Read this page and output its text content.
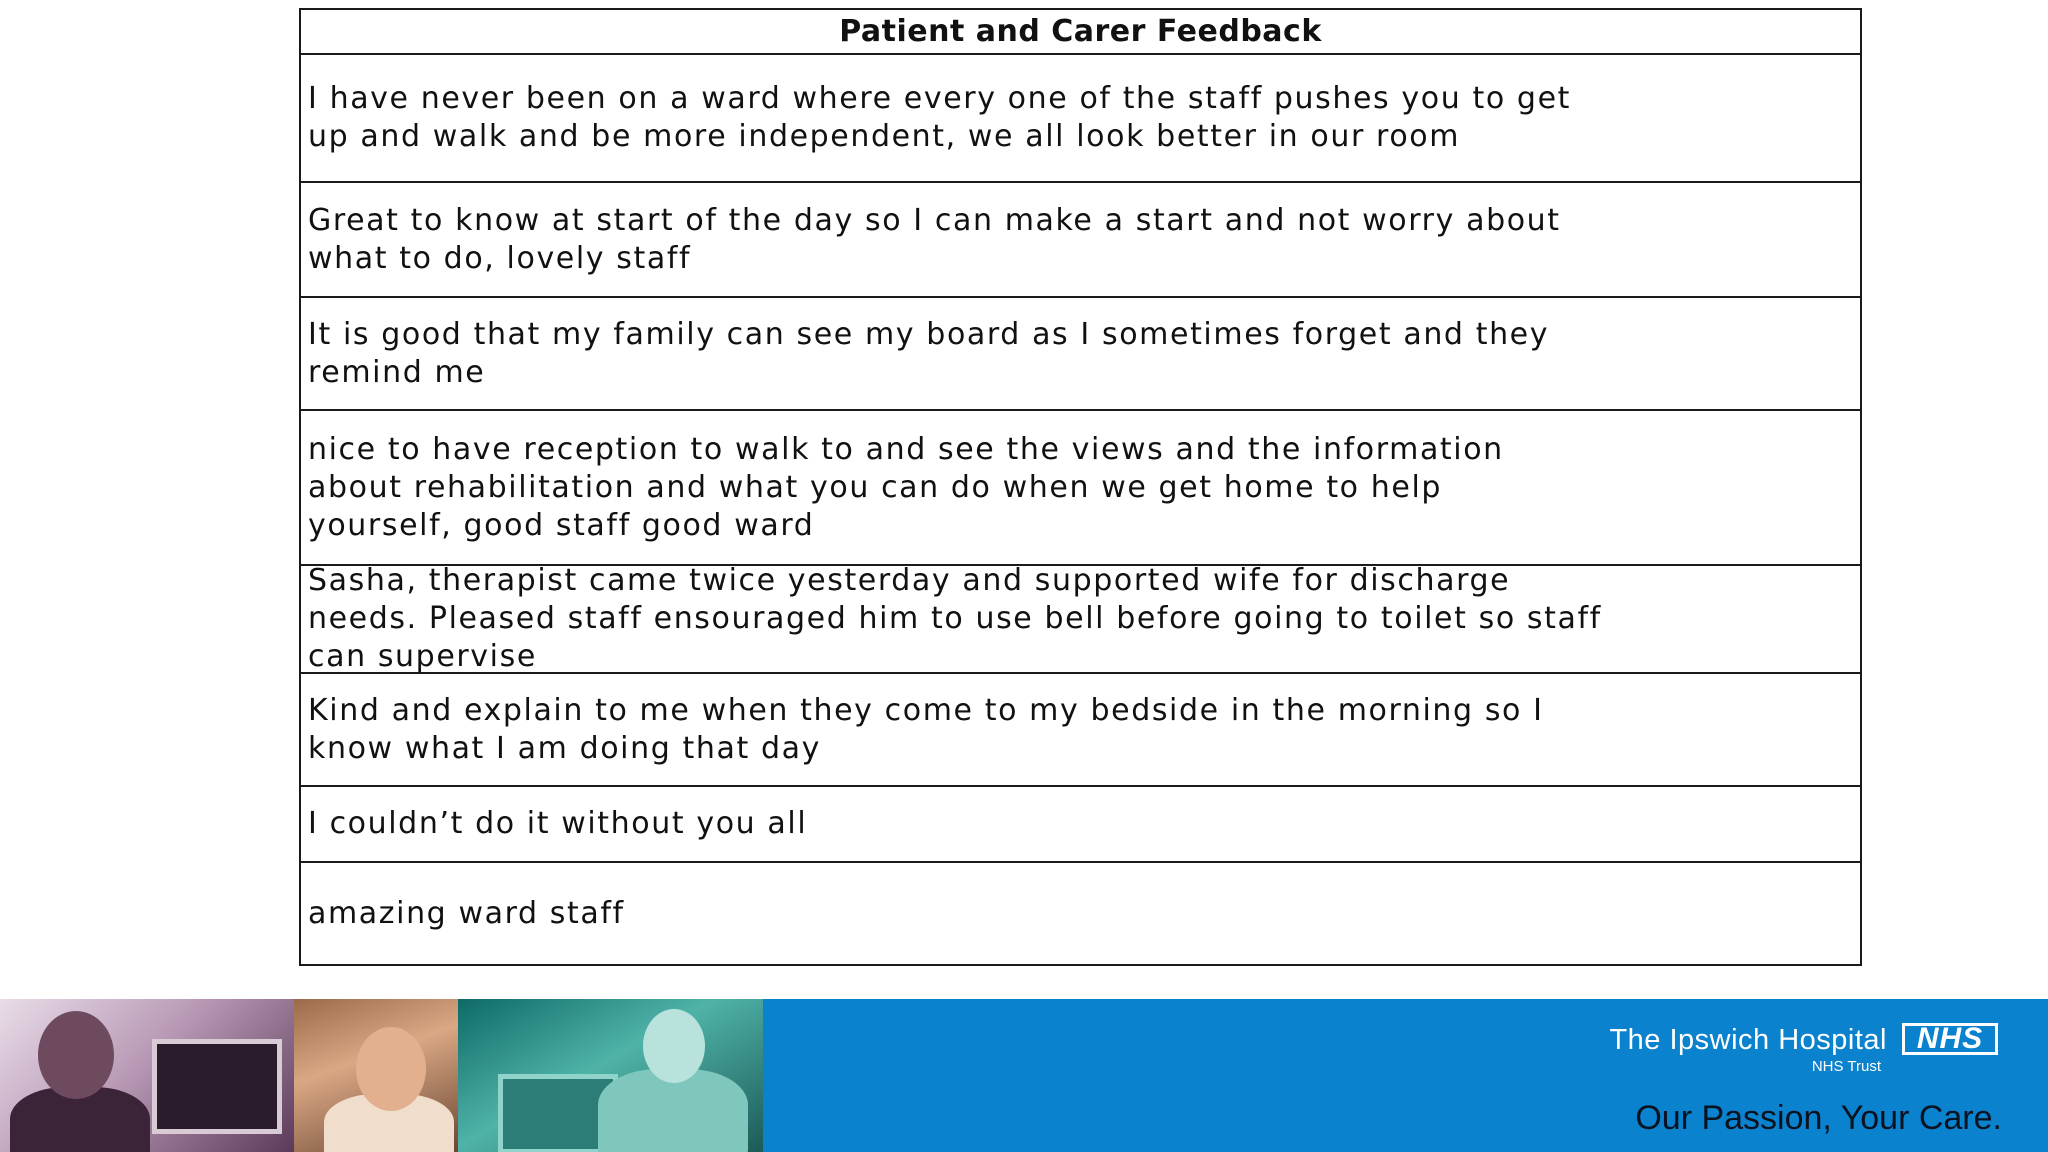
Patient and Carer Feedback
I have never been on a ward where every one of the staff pushes you to get
up and walk and be more independent, we all look better in our room
Great to know at start of the day so I can make a start and not worry about
what to do, lovely staff
It is good that my family can see my board as I sometimes forget and they
remind me
nice to have reception to walk to and see the views and the information
about rehabilitation and what you can do when we get home to help
yourself, good staff good ward
Sasha, therapist came twice yesterday and supported wife for discharge
needs. Pleased staff ensouraged him to use bell before going to toilet so staff
can supervise
Kind and explain to me when they come to my bedside in the morning so I
know what I am doing that day
I couldn’t do it without you all
amazing ward staff
The Ipswich Hospital NHS
NHS Trust
Our Passion, Your Care.
